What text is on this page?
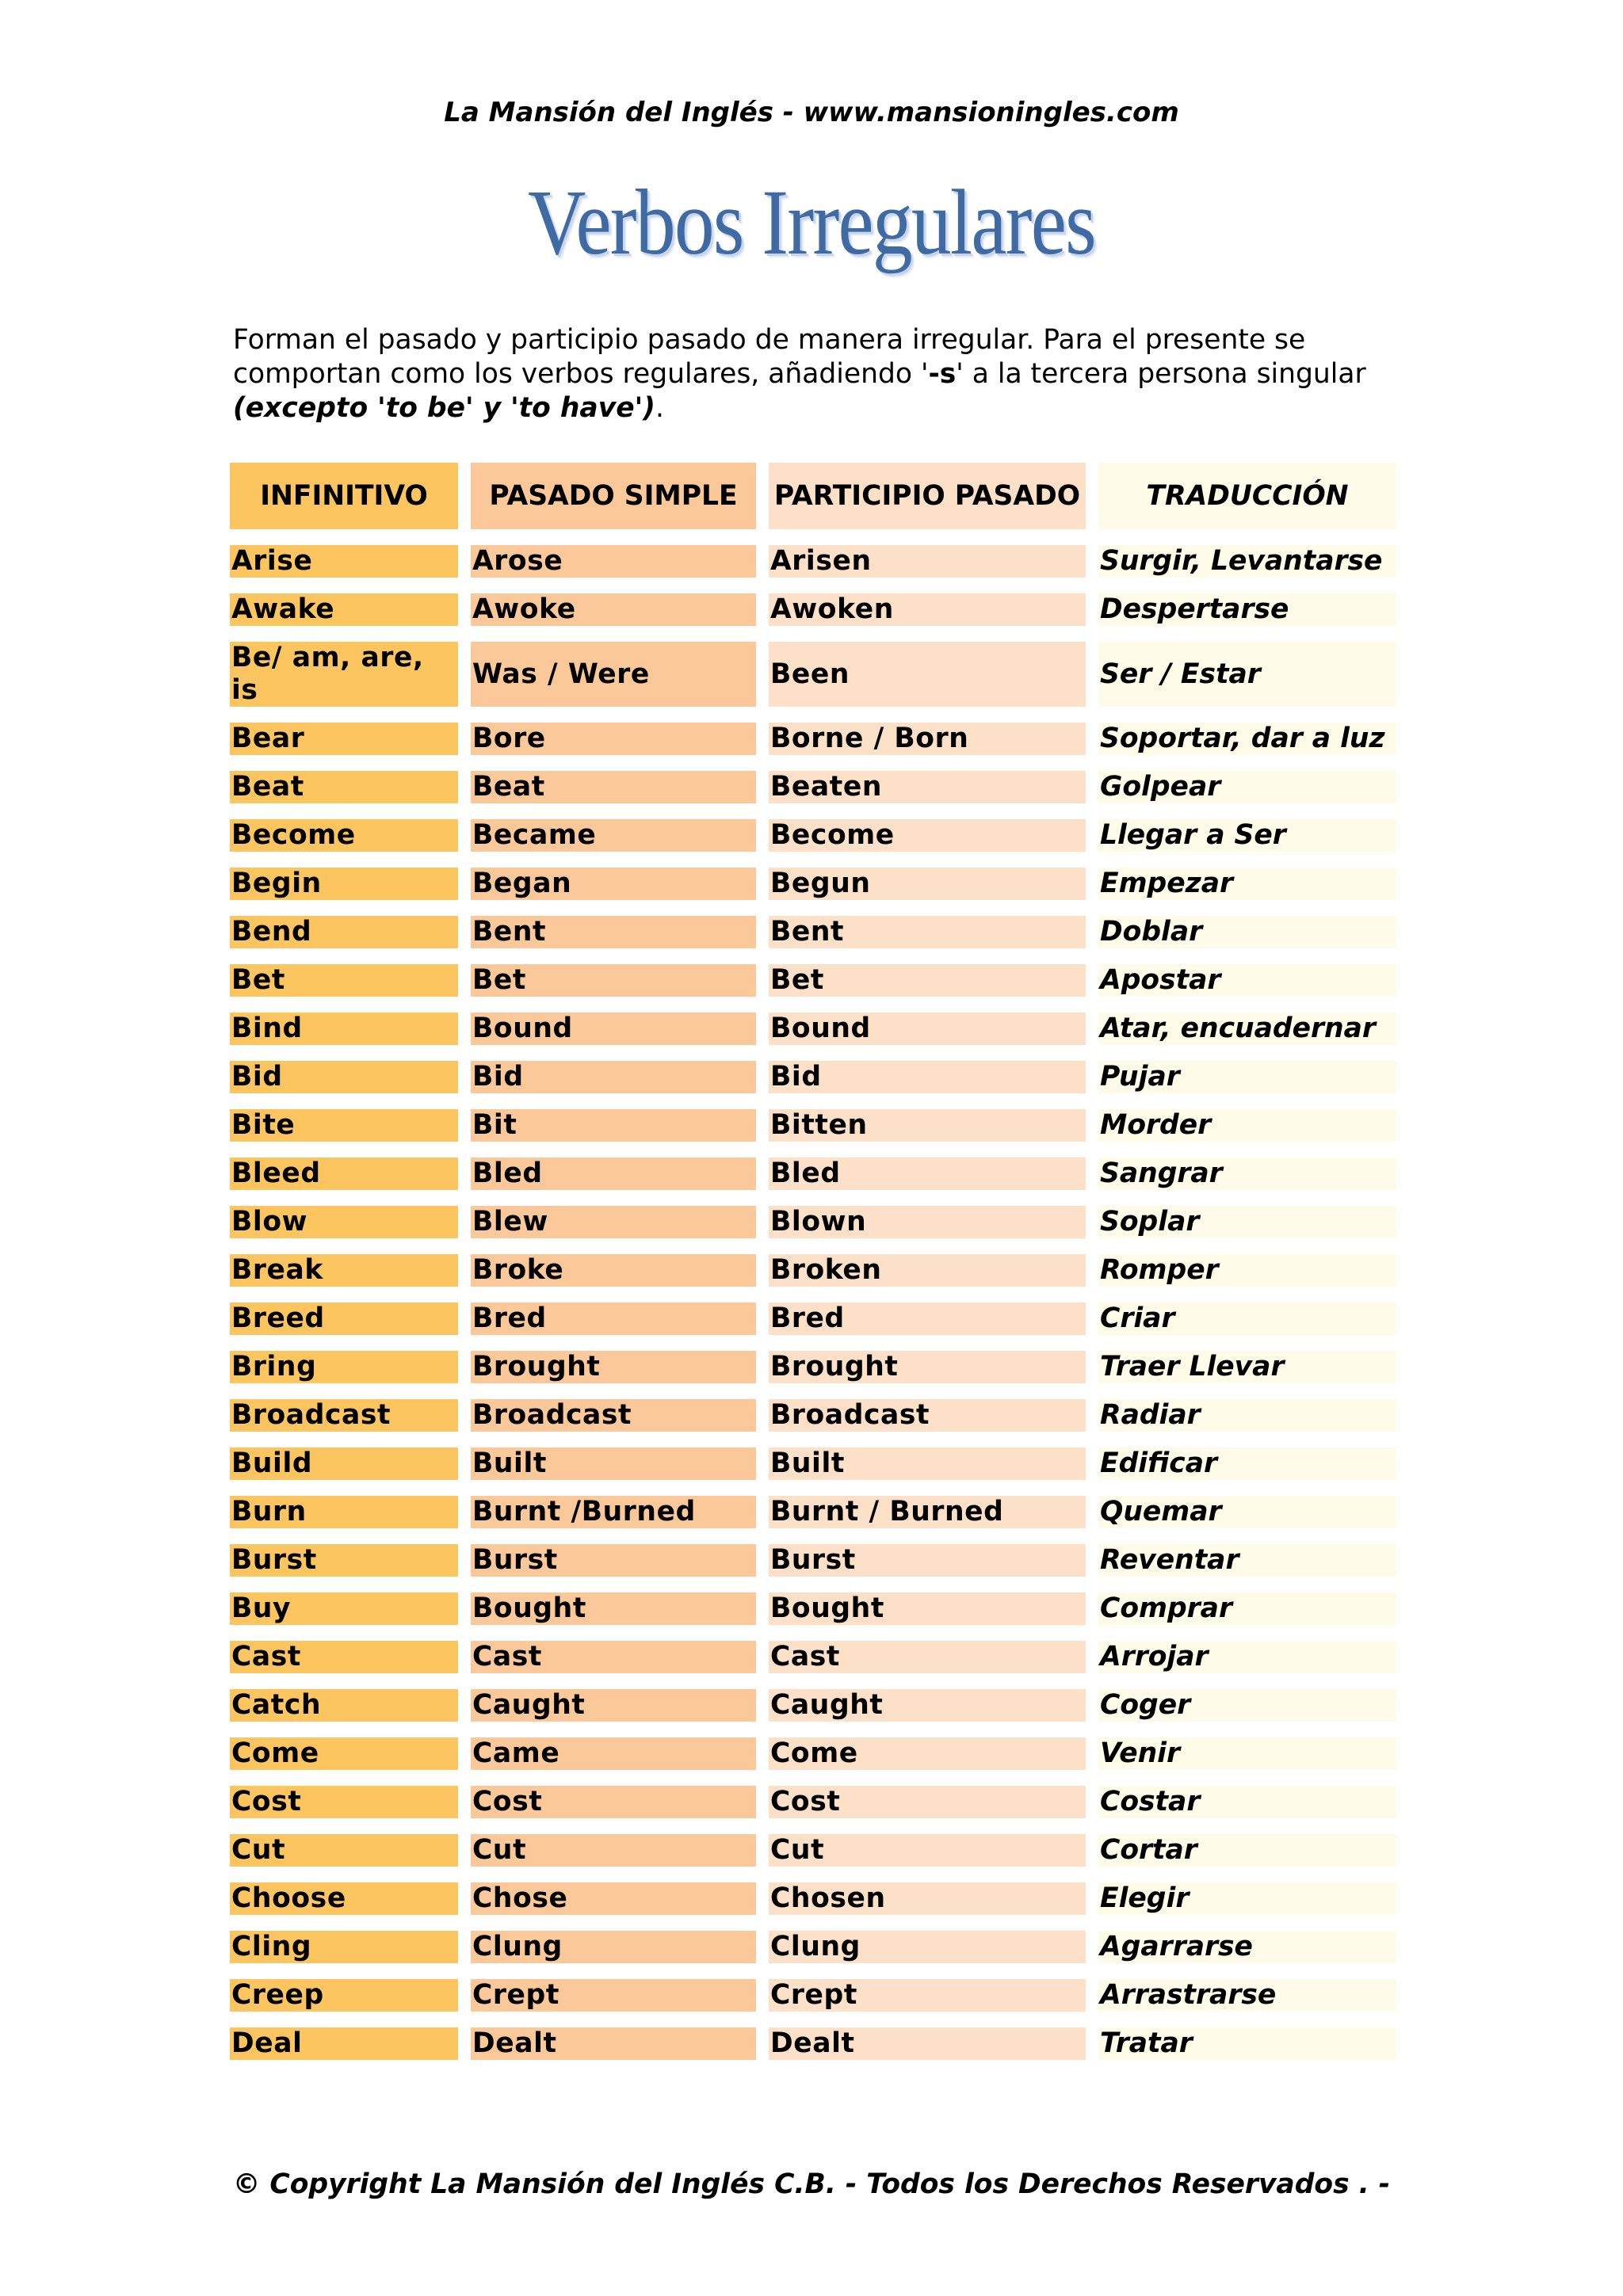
La Mansión del Inglés - www.mansioningles.com
Verbos Irregulares
Forman el pasado y participio pasado de manera irregular. Para el presente se comportan como los verbos regulares, añadiendo '-s' a la tercera persona singular (excepto 'to be' y 'to have').
INFINITIVO	PASADO SIMPLE	PARTICIPIO PASADO	TRADUCCIÓN
Arise	Arose	Arisen	Surgir, Levantarse
Awake	Awoke	Awoken	Despertarse
Be/ am, are, is	Was / Were	Been	Ser / Estar
Bear	Bore	Borne / Born	Soportar, dar a luz
Beat	Beat	Beaten	Golpear
Become	Became	Become	Llegar a Ser
Begin	Began	Begun	Empezar
Bend	Bent	Bent	Doblar
Bet	Bet	Bet	Apostar
Bind	Bound	Bound	Atar, encuadernar
Bid	Bid	Bid	Pujar
Bite	Bit	Bitten	Morder
Bleed	Bled	Bled	Sangrar
Blow	Blew	Blown	Soplar
Break	Broke	Broken	Romper
Breed	Bred	Bred	Criar
Bring	Brought	Brought	Traer Llevar
Broadcast	Broadcast	Broadcast	Radiar
Build	Built	Built	Edificar
Burn	Burnt /Burned	Burnt / Burned	Quemar
Burst	Burst	Burst	Reventar
Buy	Bought	Bought	Comprar
Cast	Cast	Cast	Arrojar
Catch	Caught	Caught	Coger
Come	Came	Come	Venir
Cost	Cost	Cost	Costar
Cut	Cut	Cut	Cortar
Choose	Chose	Chosen	Elegir
Cling	Clung	Clung	Agarrarse
Creep	Crept	Crept	Arrastrarse
Deal	Dealt	Dealt	Tratar
© Copyright La Mansión del Inglés C.B. - Todos los Derechos Reservados . -
